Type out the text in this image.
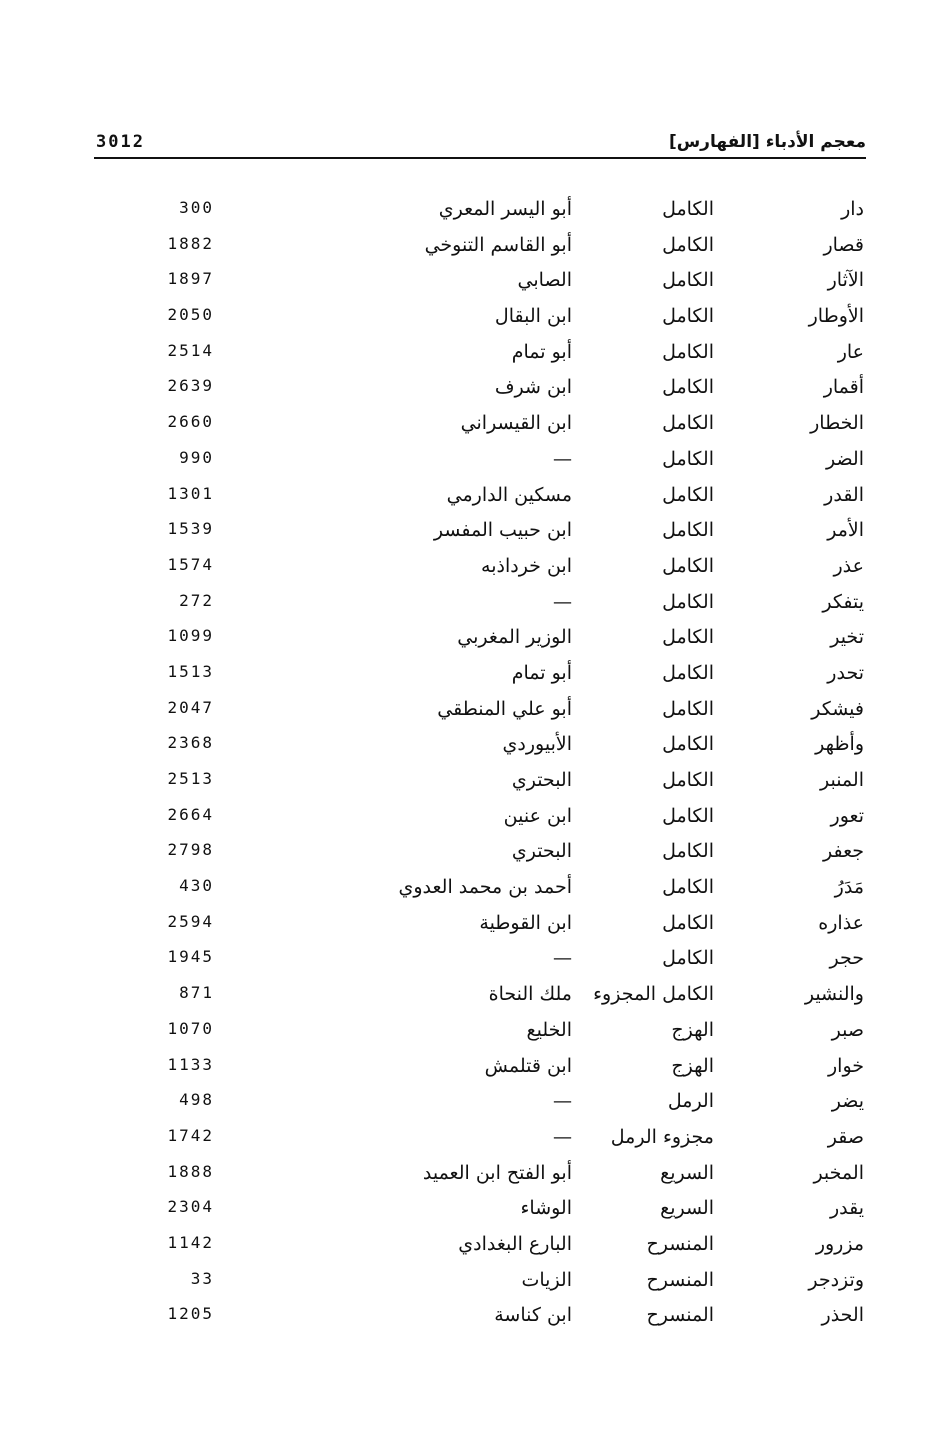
3012	معجم الأدباء [الفهارس]
دار
الكامل
أبو اليسر المعري
300
قصار
الكامل
أبو القاسم التنوخي
1882
الآثار
الكامل
الصابي
1897
الأوطار
الكامل
ابن البقال
2050
عار
الكامل
أبو تمام
2514
أقمار
الكامل
ابن شرف
2639
الخطار
الكامل
ابن القيسراني
2660
الضر
الكامل
—
990
القدر
الكامل
مسكين الدارمي
1301
الأمر
الكامل
ابن حبيب المفسر
1539
عذر
الكامل
ابن خرداذبه
1574
يتفكر
الكامل
—
272
تخير
الكامل
الوزير المغربي
1099
تحدر
الكامل
أبو تمام
1513
فيشكر
الكامل
أبو علي المنطقي
2047
وأظهر
الكامل
الأبيوردي
2368
المنبر
الكامل
البحتري
2513
تعور
الكامل
ابن عنين
2664
جعفر
الكامل
البحتري
2798
مَدَرُ
الكامل
أحمد بن محمد العدوي
430
عذاره
الكامل
ابن القوطية
2594
حجر
الكامل
—
1945
والنشير
الكامل المجزوء
ملك النحاة
871
صبر
الهزج
الخليع
1070
خوار
الهزج
ابن قتلمش
1133
يضر
الرمل
—
498
صقر
مجزوء الرمل
—
1742
المخبر
السريع
أبو الفتح ابن العميد
1888
يقدر
السريع
الوشاء
2304
مزرور
المنسرح
البارع البغدادي
1142
وتزدجر
المنسرح
الزيات
33
الحذر
المنسرح
ابن كناسة
1205
